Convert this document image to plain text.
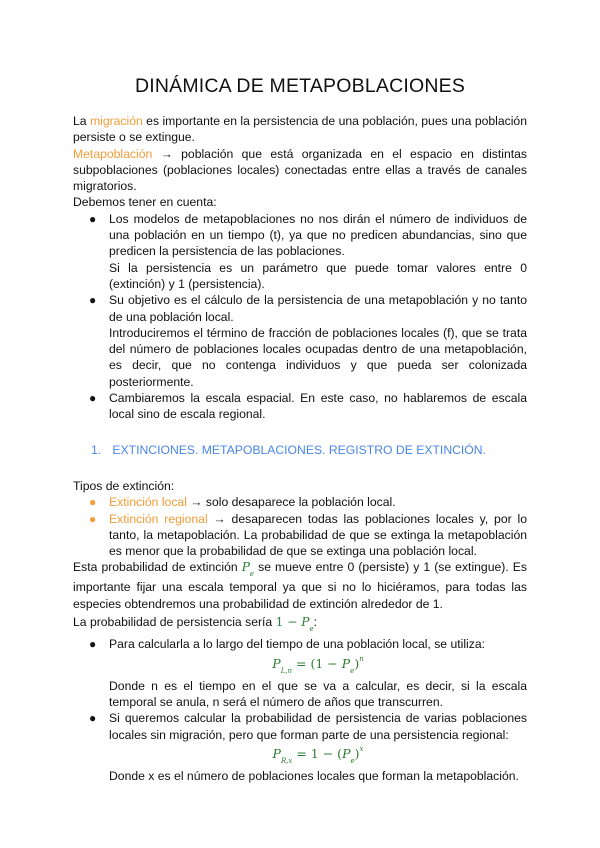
DINÁMICA DE METAPOBLACIONES

La migración es importante en la persistencia de una población, pues una población persiste o se extingue.

Metapoblación → población que está organizada en el espacio en distintas subpoblaciones (poblaciones locales) conectadas entre ellas a través de canales migratorios.

Debemos tener en cuenta:

● Los modelos de metapoblaciones no nos dirán el número de individuos de una población en un tiempo (t), ya que no predicen abundancias, sino que predicen la persistencia de las poblaciones.
Si la persistencia es un parámetro que puede tomar valores entre 0 (extinción) y 1 (persistencia).
● Su objetivo es el cálculo de la persistencia de una metapoblación y no tanto de una población local.
Introduciremos el término de fracción de poblaciones locales (f), que se trata del número de poblaciones locales ocupadas dentro de una metapoblación, es decir, que no contenga individuos y que pueda ser colonizada posteriormente.
● Cambiaremos la escala espacial. En este caso, no hablaremos de escala local sino de escala regional.

1. EXTINCIONES. METAPOBLACIONES. REGISTRO DE EXTINCIÓN.

Tipos de extinción:

● Extinción local → solo desaparece la población local.
● Extinción regional → desaparecen todas las poblaciones locales y, por lo tanto, la metapoblación. La probabilidad de que se extinga la metapoblación es menor que la probabilidad de que se extinga una población local.

Esta probabilidad de extinción $P_e$ se mueve entre 0 (persiste) y 1 (se extingue). Es importante fijar una escala temporal ya que si no lo hiciéramos, para todas las especies obtendremos una probabilidad de extinción alrededor de 1.

La probabilidad de persistencia sería $1 - P_e$:

● Para calcularla a lo largo del tiempo de una población local, se utiliza:
$P_{L,n} = (1 - P_e)^n$
Donde n es el tiempo en el que se va a calcular, es decir, si la escala temporal se anula, n será el número de años que transcurren.
● Si queremos calcular la probabilidad de persistencia de varias poblaciones locales sin migración, pero que forman parte de una persistencia regional:
$P_{R,x} = 1 - (P_e)^x$
Donde x es el número de poblaciones locales que forman la metapoblación.
